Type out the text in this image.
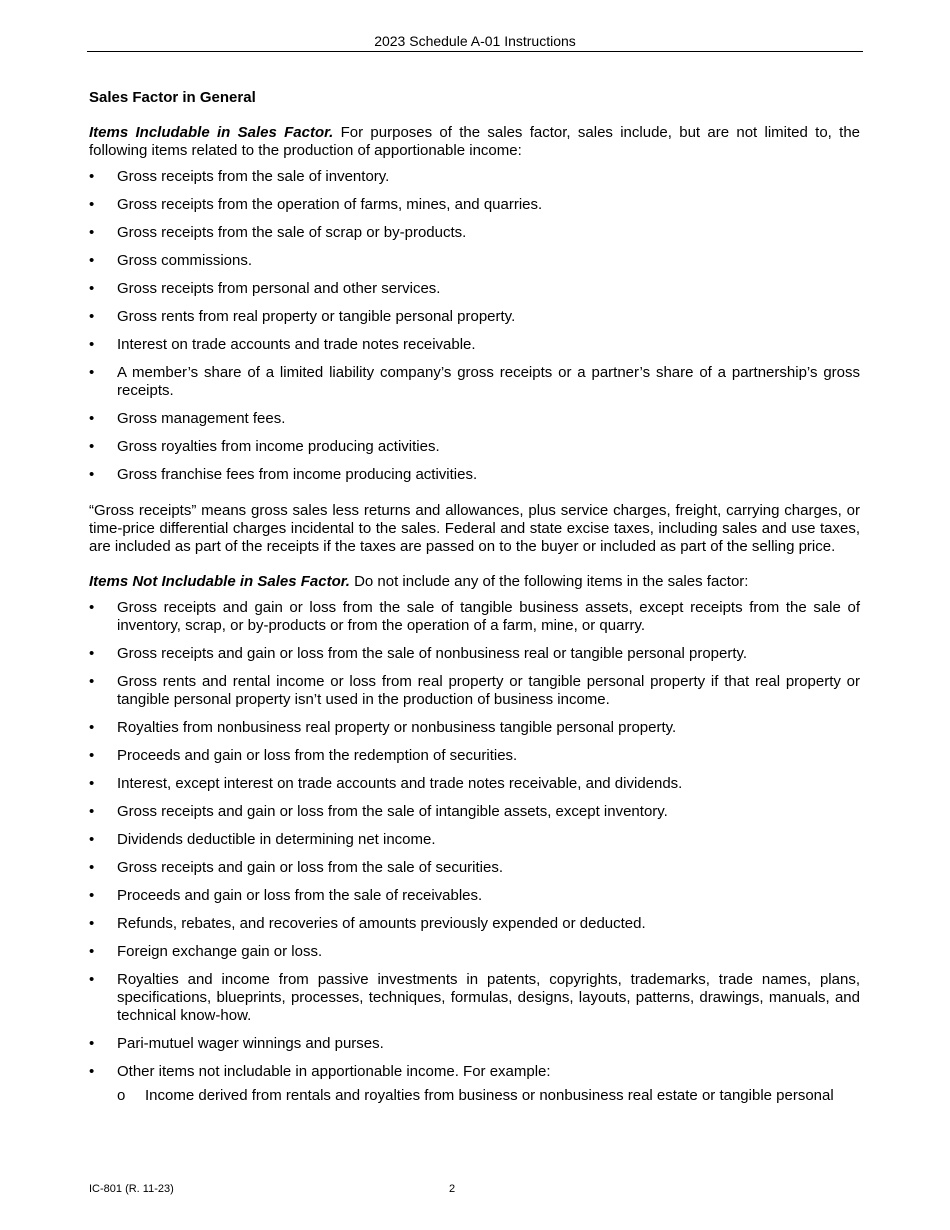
2023 Schedule A-01 Instructions
Sales Factor in General

Items Includable in Sales Factor. For purposes of the sales factor, sales include, but are not limited to, the following items related to the production of apportionable income:

• Gross receipts from the sale of inventory.
• Gross receipts from the operation of farms, mines, and quarries.
• Gross receipts from the sale of scrap or by-products.
• Gross commissions.
• Gross receipts from personal and other services.
• Gross rents from real property or tangible personal property.
• Interest on trade accounts and trade notes receivable.
• A member’s share of a limited liability company’s gross receipts or a partner’s share of a partnership’s gross receipts.
• Gross management fees.
• Gross royalties from income producing activities.
• Gross franchise fees from income producing activities.

“Gross receipts” means gross sales less returns and allowances, plus service charges, freight, carrying charges, or time-price differential charges incidental to the sales. Federal and state excise taxes, including sales and use taxes, are included as part of the receipts if the taxes are passed on to the buyer or included as part of the selling price.

Items Not Includable in Sales Factor. Do not include any of the following items in the sales factor:

• Gross receipts and gain or loss from the sale of tangible business assets, except receipts from the sale of inventory, scrap, or by-products or from the operation of a farm, mine, or quarry.
• Gross receipts and gain or loss from the sale of nonbusiness real or tangible personal property.
• Gross rents and rental income or loss from real property or tangible personal property if that real property or tangible personal property isn’t used in the production of business income.
• Royalties from nonbusiness real property or nonbusiness tangible personal property.
• Proceeds and gain or loss from the redemption of securities.
• Interest, except interest on trade accounts and trade notes receivable, and dividends.
• Gross receipts and gain or loss from the sale of intangible assets, except inventory.
• Dividends deductible in determining net income.
• Gross receipts and gain or loss from the sale of securities.
• Proceeds and gain or loss from the sale of receivables.
• Refunds, rebates, and recoveries of amounts previously expended or deducted.
• Foreign exchange gain or loss.
• Royalties and income from passive investments in patents, copyrights, trademarks, trade names, plans, specifications, blueprints, processes, techniques, formulas, designs, layouts, patterns, drawings, manuals, and technical know-how.
• Pari-mutuel wager winnings and purses.
• Other items not includable in apportionable income. For example:
o Income derived from rentals and royalties from business or nonbusiness real estate or tangible personal
IC-801 (R. 11-23)	2
